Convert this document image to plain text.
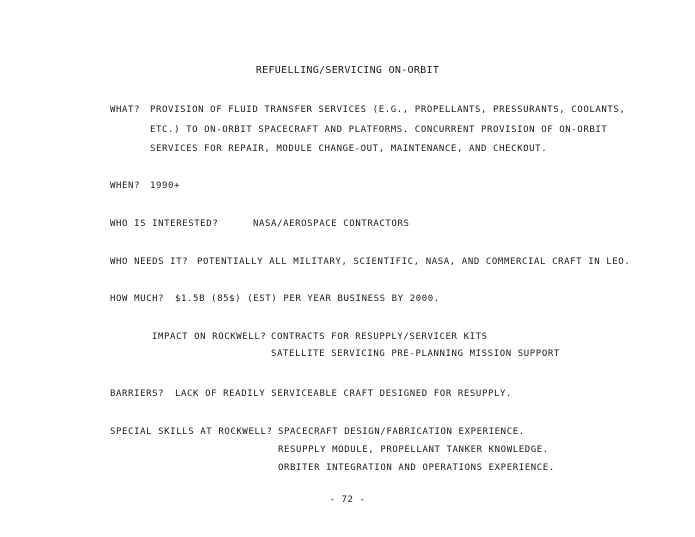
REFUELLING/SERVICING ON-ORBIT
WHAT? PROVISION OF FLUID TRANSFER SERVICES (E.G., PROPELLANTS, PRESSURANTS, COOLANTS,
ETC.) TO ON-ORBIT SPACECRAFT AND PLATFORMS. CONCURRENT PROVISION OF ON-ORBIT
SERVICES FOR REPAIR, MODULE CHANGE-OUT, MAINTENANCE, AND CHECKOUT.
WHEN? 1990+
WHO IS INTERESTED?	NASA/AEROSPACE CONTRACTORS
WHO NEEDS IT? POTENTIALLY ALL MILITARY, SCIENTIFIC, NASA, AND COMMERCIAL CRAFT IN LEO.
HOW MUCH? $1.5B (85$) (EST) PER YEAR BUSINESS BY 2000.
IMPACT ON ROCKWELL? CONTRACTS FOR RESUPPLY/SERVICER KITS
SATELLITE SERVICING PRE-PLANNING MISSION SUPPORT
BARRIERS? LACK OF READILY SERVICEABLE CRAFT DESIGNED FOR RESUPPLY.
SPECIAL SKILLS AT ROCKWELL? SPACECRAFT DESIGN/FABRICATION EXPERIENCE.
RESUPPLY MODULE, PROPELLANT TANKER KNOWLEDGE.
ORBITER INTEGRATION AND OPERATIONS EXPERIENCE.
- 72 -
